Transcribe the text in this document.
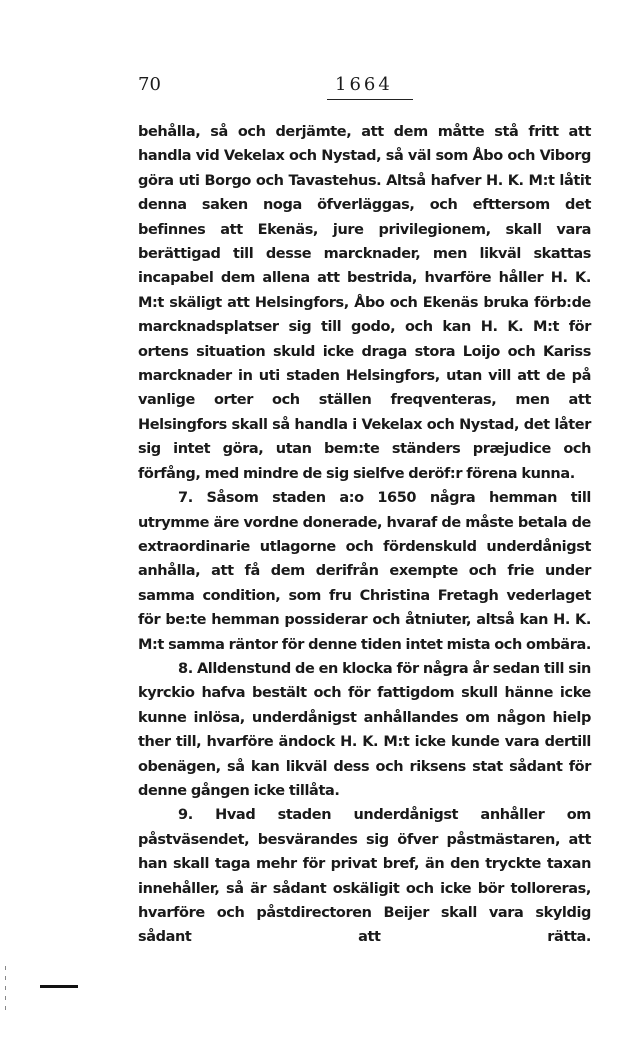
70	1664

behålla, så och derjämte, att dem måtte stå fritt att handla vid Vekelax och Nystad, så väl som Åbo och Viborg göra uti Borgo och Tavastehus. Altså hafver H. K. M:t låtit denna saken noga öfverläggas, och efttersom det befinnes att Ekenäs, jure privilegionem, skall vara berättigad till desse marcknader, men likväl skattas incapabel dem allena att bestrida, hvarföre håller H. K. M:t skäligt att Helsingfors, Åbo och Ekenäs bruka förb:de marcknadsplatser sig till godo, och kan H. K. M:t för ortens situation skuld icke draga stora Loijo och Kariss marcknader in uti staden Helsingfors, utan vill att de på vanlige orter och ställen freqventeras, men att Helsingfors skall så handla i Vekelax och Nystad, det låter sig intet göra, utan bem:te ständers præjudice och förfång, med mindre de sig sielfve deröf:r förena kunna.

7. Såsom staden a:o 1650 några hemman till utrymme äre vordne donerade, hvaraf de måste betala de extraordinarie utlagorne och fördenskuld underdånigst anhålla, att få dem derifrån exempte och frie under samma condition, som fru Christina Fretagh vederlaget för be:te hemman possiderar och åtniuter, altså kan H. K. M:t samma räntor för denne tiden intet mista och ombära.

8. Alldenstund de en klocka för några år sedan till sin kyrckio hafva bestält och för fattigdom skull hänne icke kunne inlösa, underdånigst anhållandes om någon hielp ther till, hvarföre ändock H. K. M:t icke kunde vara dertill obenägen, så kan likväl dess och riksens stat sådant för denne gången icke tillåta.

9. Hvad staden underdånigst anhåller om påstväsendet, besvärandes sig öfver påstmästaren, att han skall taga mehr för privat bref, än den tryckte taxan innehåller, så är sådant oskäligit och icke bör tolloreras, hvarföre och påstdirectoren Beijer skall vara skyldig sådant att rätta.
